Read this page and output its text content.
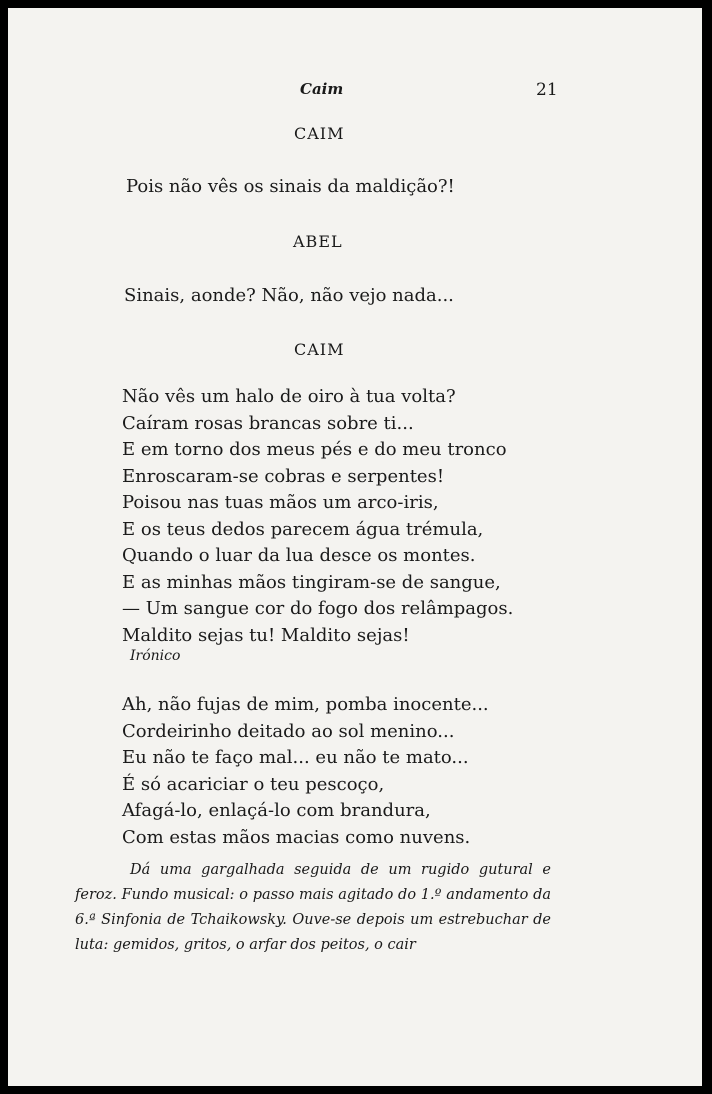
Caim	21
CAIM
Pois não vês os sinais da maldição?!
ABEL
Sinais, aonde? Não, não vejo nada...
CAIM
Não vês um halo de oiro à tua volta?
Caíram rosas brancas sobre ti...
E em torno dos meus pés e do meu tronco
Enroscaram-se cobras e serpentes!
Poisou nas tuas mãos um arco-iris,
E os teus dedos parecem água trémula,
Quando o luar da lua desce os montes.
E as minhas mãos tingiram-se de sangue,
— Um sangue cor do fogo dos relâmpagos.
Maldito sejas tu! Maldito sejas!
Irónico
Ah, não fujas de mim, pomba inocente...
Cordeirinho deitado ao sol menino...
Eu não te faço mal... eu não te mato...
É só acariciar o teu pescoço,
Afagá-lo, enlaçá-lo com brandura,
Com estas mãos macias como nuvens.
Dá uma gargalhada seguida de um rugido gutural e feroz. Fundo musical: o passo mais agitado do 1.º andamento da 6.ª Sinfonia de Tchaikowsky. Ouve-se depois um estrebuchar de luta: gemidos, gritos, o arfar dos peitos, o cair
